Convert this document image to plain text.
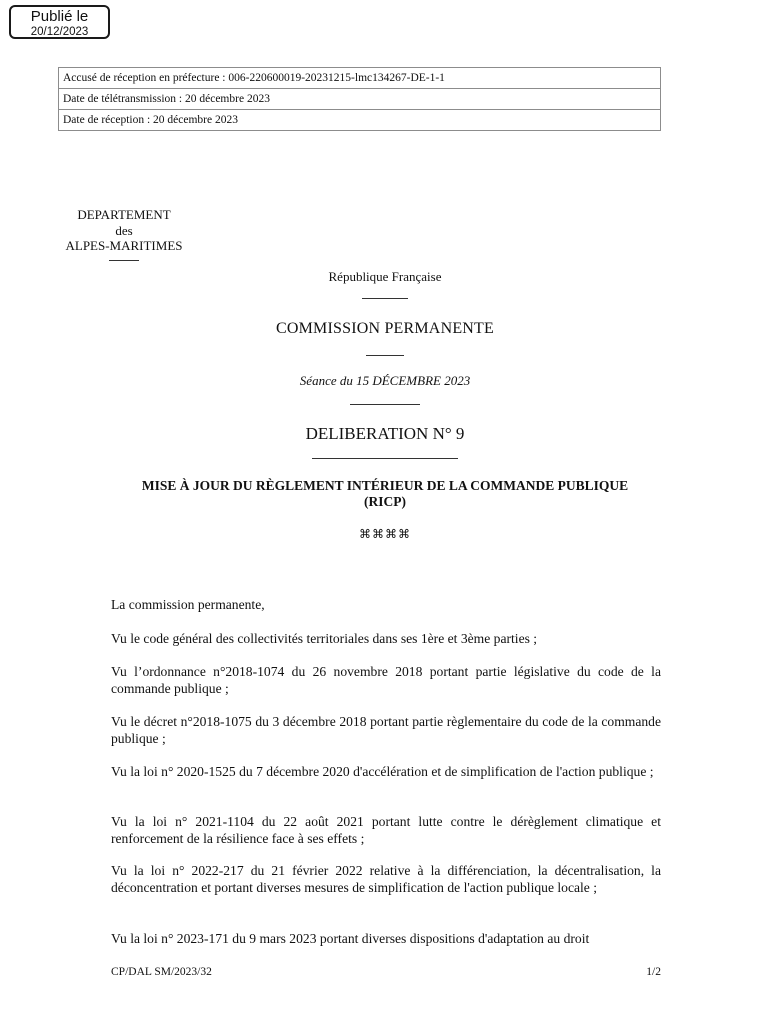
Publié le
20/12/2023
Accusé de réception en préfecture : 006-220600019-20231215-lmc134267-DE-1-1
Date de télétransmission : 20 décembre 2023
Date de réception : 20 décembre 2023
DEPARTEMENT
des
ALPES-MARITIMES
République Française
COMMISSION PERMANENTE
Séance du 15 DÉCEMBRE 2023
DELIBERATION N° 9
MISE À JOUR DU RÈGLEMENT INTÉRIEUR DE LA COMMANDE PUBLIQUE (RICP)
⌘⌘⌘⌘
La commission permanente,
Vu le code général des collectivités territoriales dans ses 1ère et 3ème parties ;
Vu l’ordonnance n°2018-1074 du 26 novembre 2018 portant partie législative du code de la commande publique ;
Vu le décret n°2018-1075 du 3 décembre 2018 portant partie règlementaire du code de la commande publique ;
Vu la loi n° 2020-1525 du 7 décembre 2020 d'accélération et de simplification de l'action publique ;
Vu la loi n° 2021-1104 du 22 août 2021 portant lutte contre le dérèglement climatique et renforcement de la résilience face à ses effets ;
Vu la loi n° 2022-217 du 21 février 2022 relative à la différenciation, la décentralisation, la déconcentration et portant diverses mesures de simplification de l'action publique locale ;
Vu la loi n° 2023-171 du 9 mars 2023 portant diverses dispositions d'adaptation au droit
CP/DAL SM/2023/32	1/2
